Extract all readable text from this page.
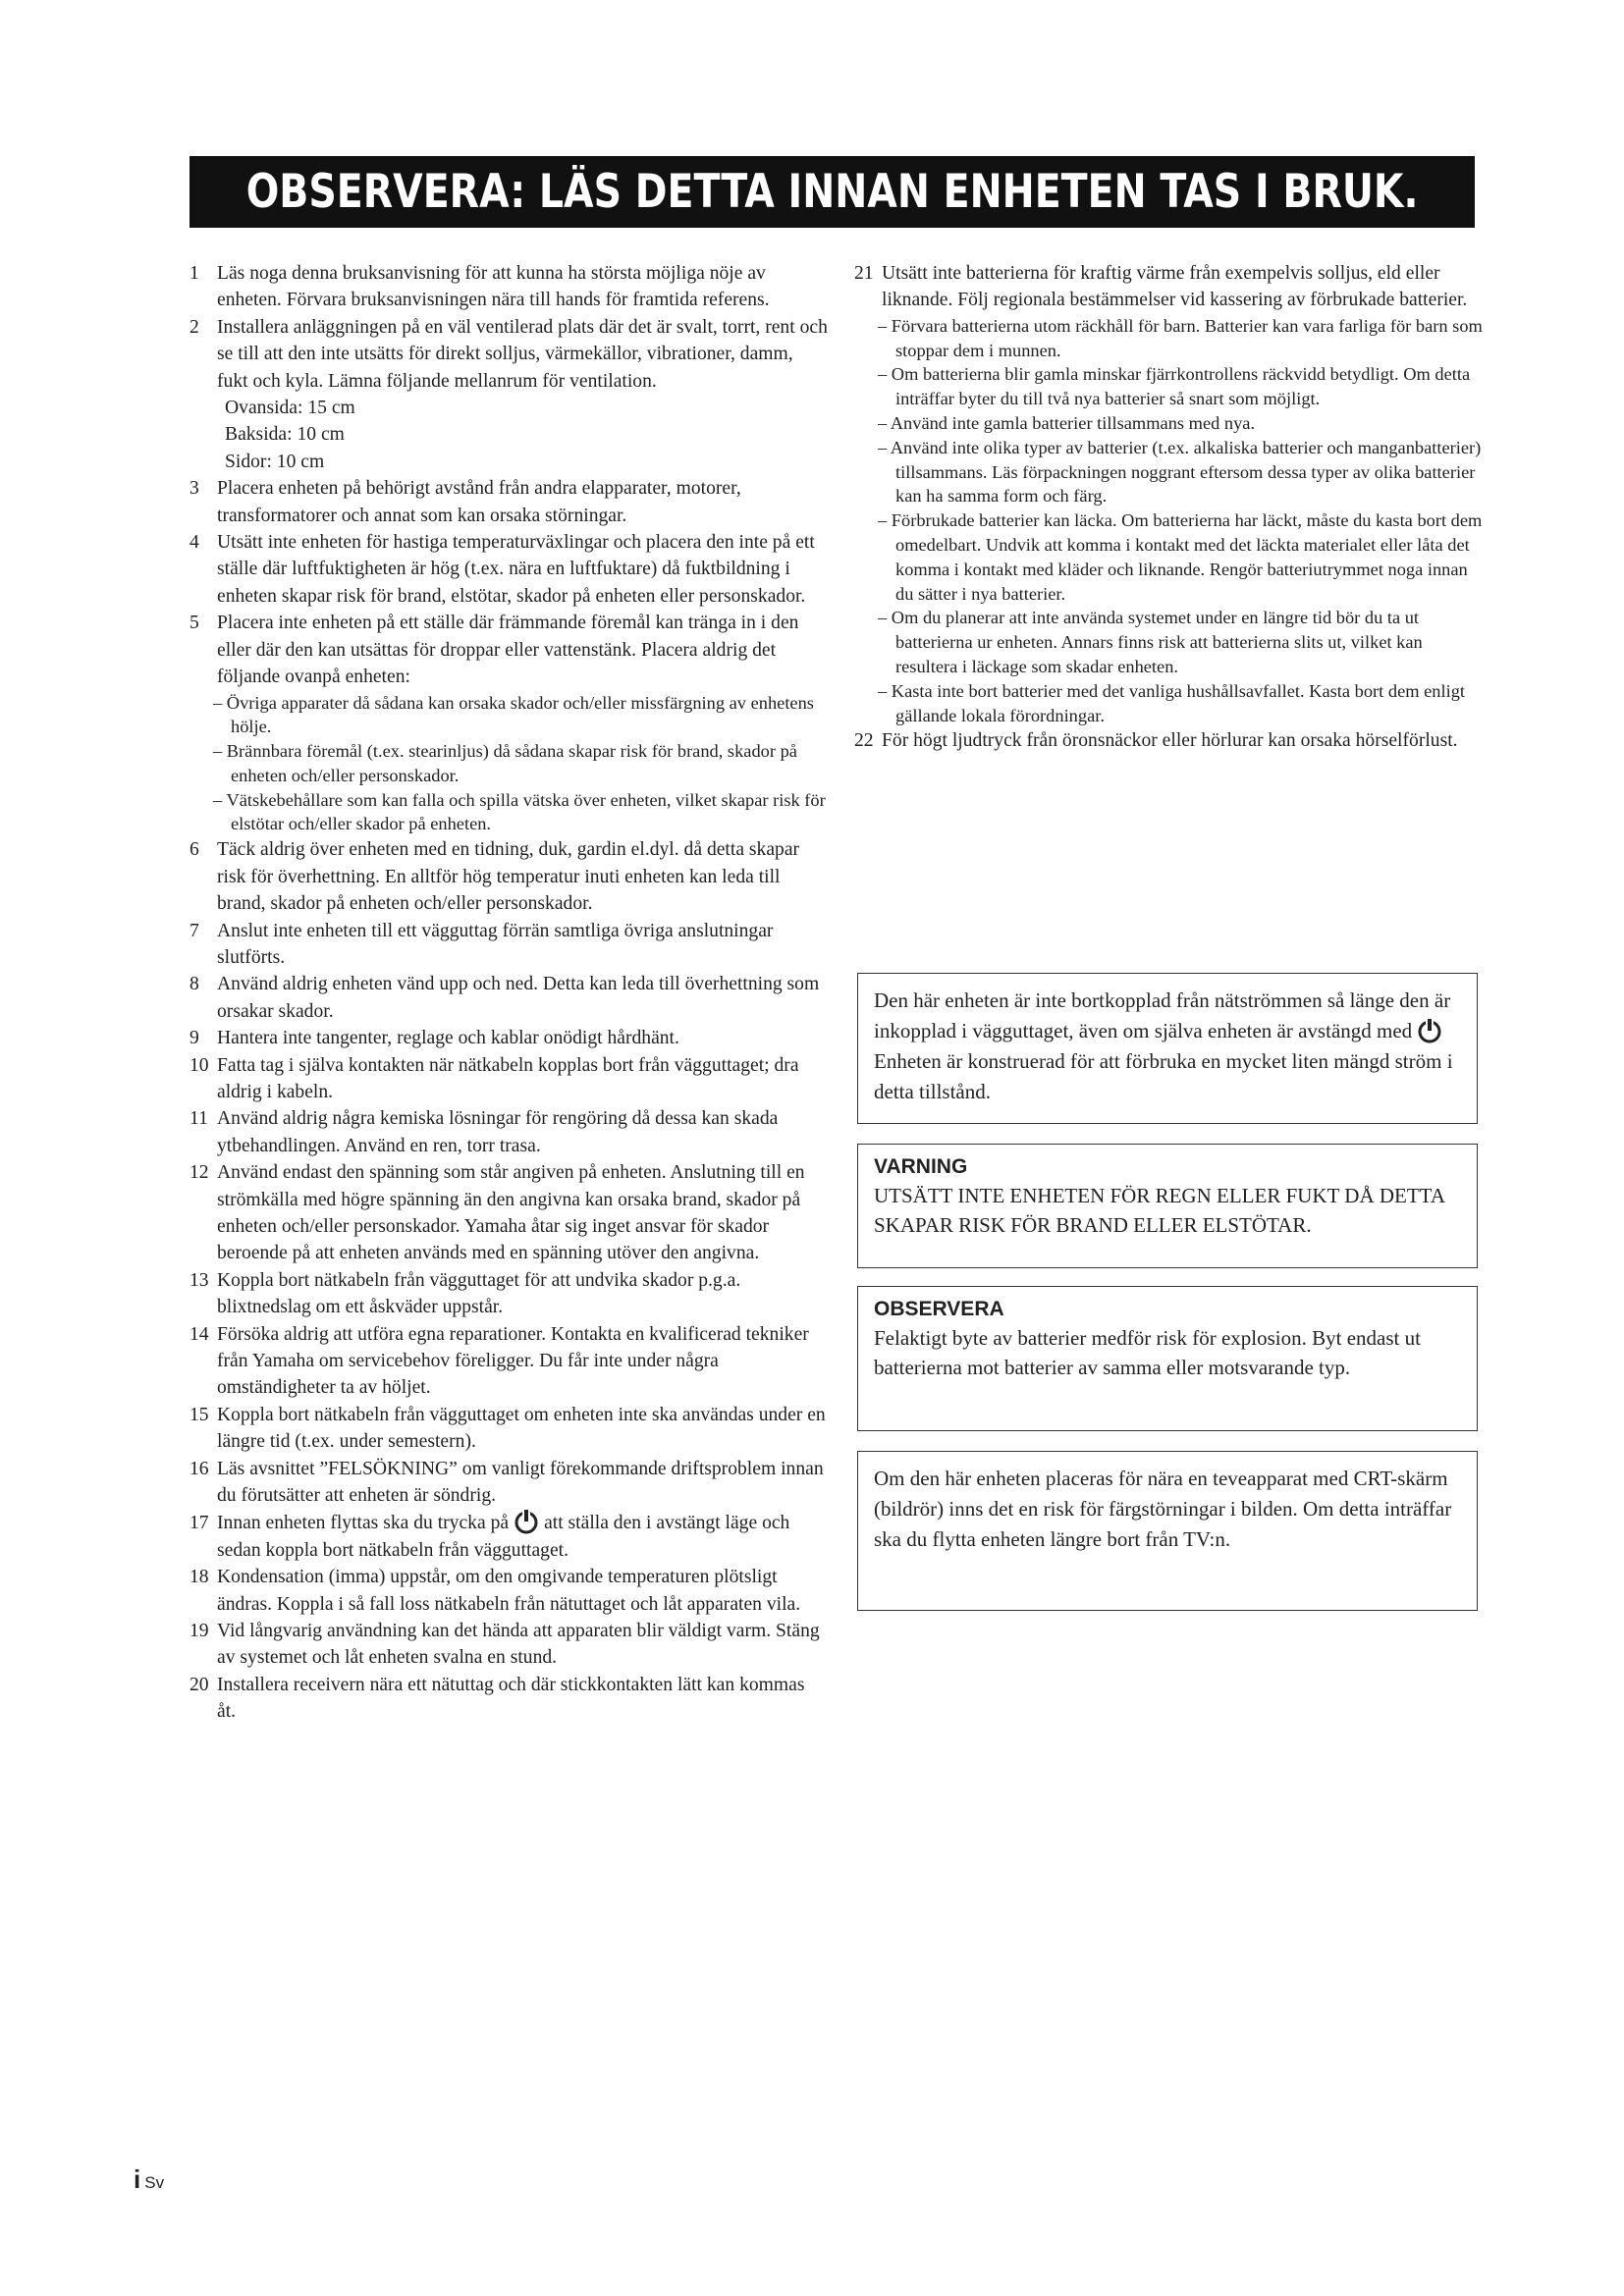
OBSERVERA: LÄS DETTA INNAN ENHETEN TAS I BRUK.
1 Läs noga denna bruksanvisning för att kunna ha största möjliga nöje av enheten. Förvara bruksanvisningen nära till hands för framtida referens.
2 Installera anläggningen på en väl ventilerad plats där det är svalt, torrt, rent och se till att den inte utsätts för direkt solljus, värmekällor, vibrationer, damm, fukt och kyla. Lämna följande mellanrum för ventilation.
Ovansida: 15 cm
Baksida: 10 cm
Sidor: 10 cm
3 Placera enheten på behörigt avstånd från andra elapparater, motorer, transformatorer och annat som kan orsaka störningar.
4 Utsätt inte enheten för hastiga temperaturväxlingar och placera den inte på ett ställe där luftfuktigheten är hög (t.ex. nära en luftfuktare) då fuktbildning i enheten skapar risk för brand, elstötar, skador på enheten eller personskador.
5 Placera inte enheten på ett ställe där främmande föremål kan tränga in i den eller där den kan utsättas för droppar eller vattenstänk. Placera aldrig det följande ovanpå enheten:
– Övriga apparater då sådana kan orsaka skador och/eller missfärgning av enhetens hölje.
– Brännbara föremål (t.ex. stearinljus) då sådana skapar risk för brand, skador på enheten och/eller personskador.
– Vätskebehållare som kan falla och spilla vätska över enheten, vilket skapar risk för elstötar och/eller skador på enheten.
6 Täck aldrig över enheten med en tidning, duk, gardin el.dyl. då detta skapar risk för överhettning. En alltför hög temperatur inuti enheten kan leda till brand, skador på enheten och/eller personskador.
7 Anslut inte enheten till ett vägguttag förrän samtliga övriga anslutningar slutförts.
8 Använd aldrig enheten vänd upp och ned. Detta kan leda till överhettning som orsakar skador.
9 Hantera inte tangenter, reglage och kablar onödigt hårdhänt.
10 Fatta tag i själva kontakten när nätkabeln kopplas bort från vägguttaget; dra aldrig i kabeln.
11 Använd aldrig några kemiska lösningar för rengöring då dessa kan skada ytbehandlingen. Använd en ren, torr trasa.
12 Använd endast den spänning som står angiven på enheten. Anslutning till en strömkälla med högre spänning än den angivna kan orsaka brand, skador på enheten och/eller personskador. Yamaha åtar sig inget ansvar för skador beroende på att enheten används med en spänning utöver den angivna.
13 Koppla bort nätkabeln från vägguttaget för att undvika skador p.g.a. blixtnedslag om ett åskväder uppstår.
14 Försöka aldrig att utföra egna reparationer. Kontakta en kvalificerad tekniker från Yamaha om servicebehov föreligger. Du får inte under några omständigheter ta av höljet.
15 Koppla bort nätkabeln från vägguttaget om enheten inte ska användas under en längre tid (t.ex. under semestern).
16 Läs avsnittet ”FELSÖKNING” om vanligt förekommande driftsproblem innan du förutsätter att enheten är söndrig.
17 Innan enheten flyttas ska du trycka på att ställa den i avstängt läge och sedan koppla bort nätkabeln från vägguttaget.
18 Kondensation (imma) uppstår, om den omgivande temperaturen plötsligt ändras. Koppla i så fall loss nätkabeln från nätuttaget och låt apparaten vila.
19 Vid långvarig användning kan det hända att apparaten blir väldigt varm. Stäng av systemet och låt enheten svalna en stund.
20 Installera receivern nära ett nätuttag och där stickkontakten lätt kan kommas åt.
21 Utsätt inte batterierna för kraftig värme från exempelvis solljus, eld eller liknande. Följ regionala bestämmelser vid kassering av förbrukade batterier.
– Förvara batterierna utom räckhåll för barn. Batterier kan vara farliga för barn som stoppar dem i munnen.
– Om batterierna blir gamla minskar fjärrkontrollens räckvidd betydligt. Om detta inträffar byter du till två nya batterier så snart som möjligt.
– Använd inte gamla batterier tillsammans med nya.
– Använd inte olika typer av batterier (t.ex. alkaliska batterier och manganbatterier) tillsammans. Läs förpackningen noggrant eftersom dessa typer av olika batterier kan ha samma form och färg.
– Förbrukade batterier kan läcka. Om batterierna har läckt, måste du kasta bort dem omedelbart. Undvik att komma i kontakt med det läckta materialet eller låta det komma i kontakt med kläder och liknande. Rengör batteriutrymmet noga innan du sätter i nya batterier.
– Om du planerar att inte använda systemet under en längre tid bör du ta ut batterierna ur enheten. Annars finns risk att batterierna slits ut, vilket kan resultera i läckage som skadar enheten.
– Kasta inte bort batterier med det vanliga hushållsavfallet. Kasta bort dem enligt gällande lokala förordningar.
22 För högt ljudtryck från öronsnäckor eller hörlurar kan orsaka hörselförlust.
Den här enheten är inte bortkopplad från nätströmmen så länge den är inkopplad i vägguttaget, även om själva enheten är avstängd medEnheten är konstruerad för att förbruka en mycket liten mängd ström i detta tillstånd.
VARNING
UTSÄTT INTE ENHETEN FÖR REGN ELLER FUKT DÅ DETTA SKAPAR RISK FÖR BRAND ELLER ELSTÖTAR.
OBSERVERA
Felaktigt byte av batterier medför risk för explosion. Byt endast ut batterierna mot batterier av samma eller motsvarande typ.
Om den här enheten placeras för nära en teveapparat med CRT-skärm (bildrör) inns det en risk för färgstörningar i bilden. Om detta inträffar ska du flytta enheten längre bort från TV:n.
i Sv
